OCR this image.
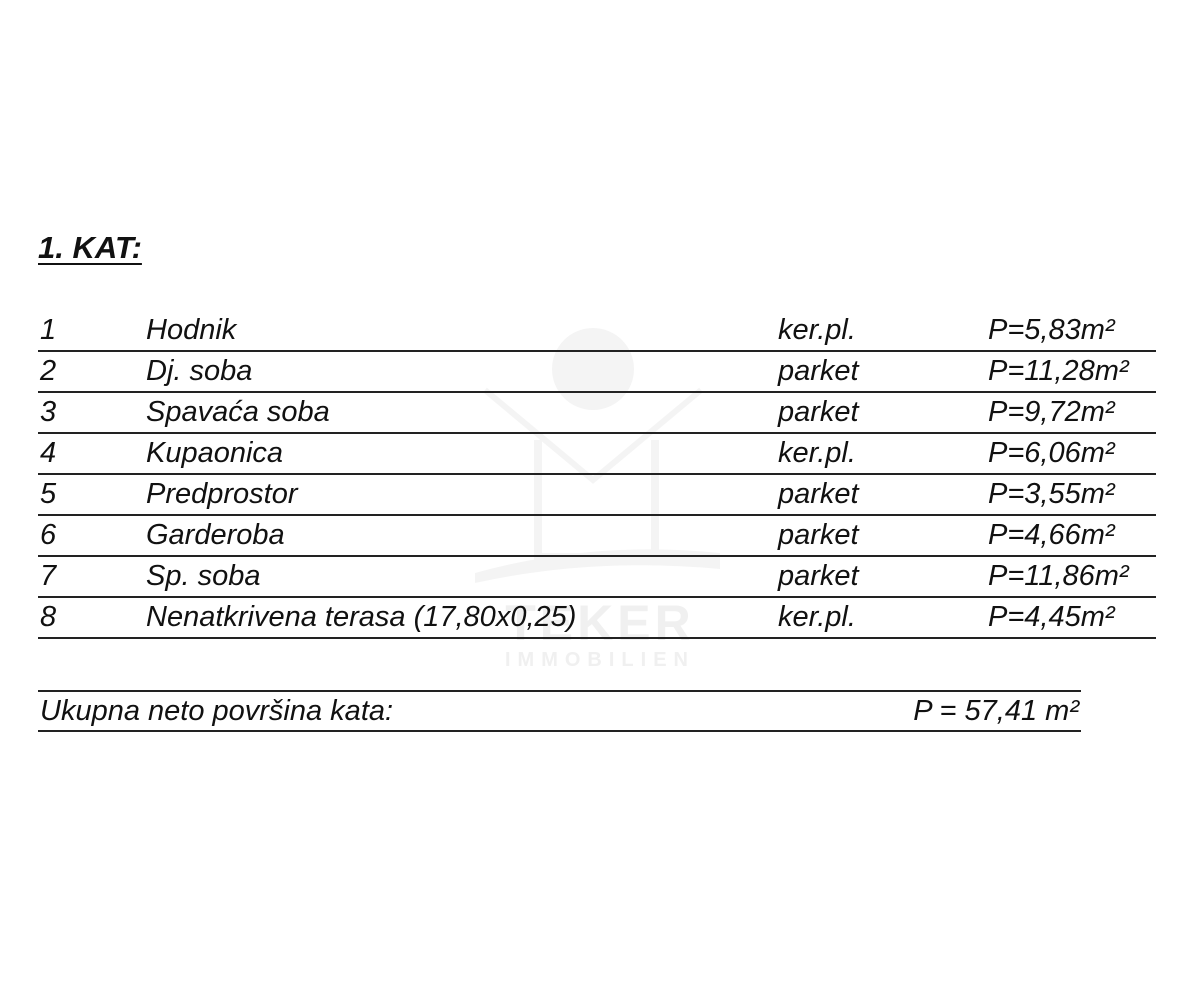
TEKER
IMMOBILIEN
1. KAT:
1	Hodnik	ker.pl.	P=5,83m²
2	Dj. soba	parket	P=11,28m²
3	Spavaća soba	parket	P=9,72m²
4	Kupaonica	ker.pl.	P=6,06m²
5	Predprostor	parket	P=3,55m²
6	Garderoba	parket	P=4,66m²
7	Sp. soba	parket	P=11,86m²
8	Nenatkrivena terasa (17,80x0,25)	ker.pl.	P=4,45m²
Ukupna neto površina kata:	P = 57,41 m²
